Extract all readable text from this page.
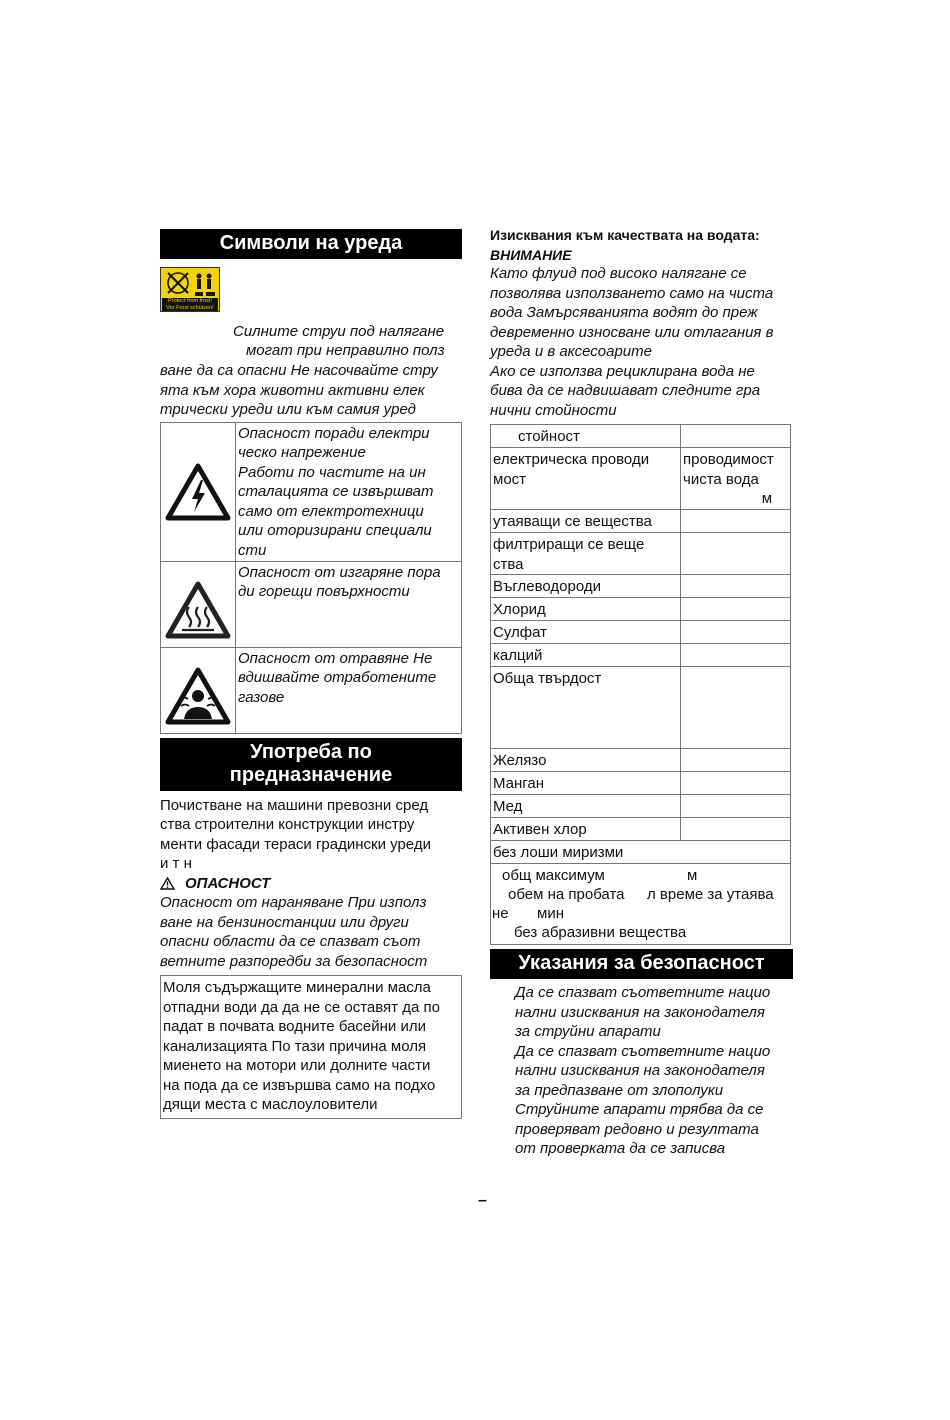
Символи на уреда
Protect from frost!
Vor Frost schützen!
Силните струи под налягане
могат при неправилно полз
ване да са опасни Не насочвайте стру
ята към хора животни активни елек
трически уреди или към самия уред
Опасност поради електри
ческо напрежение
Работи по частите на ин
сталацията се извършват
само от електротехници
или оторизирани специали
сти
Опасност от изгаряне пора
ди горещи повърхности
Опасност от отравяне Не
вдишвайте отработените
газове
Употреба по
предназначение
Почистване на машини превозни сред
ства строителни конструкции инстру
менти фасади тераси градински уреди
и т н
ОПАСНОСТ
Опасност от нараняване При използ
ване на бензиностанции или други
опасни области да се спазват съот
ветните разпоредби за безопасност
Моля съдържащите минерални масла
отпадни води да да не се оставят да по
падат в почвата водните басейни или
канализацията По тази причина моля
миенето на мотори или долните части
на пода да се извършва само на подхо
дящи места с маслоуловители
Изисквания към качествата на водата:
ВНИМАНИЕ
Като флуид под високо налягане се
позволява използването само на чиста
вода Замърсяванията водят до преж
девременно износване или отлагания в
уреда и в аксесоарите
Ако се използва рециклирана вода не
бива да се надвишават следните гра
нични стойности
стойност
електрическа проводи
мост
проводимост
чиста вода
м
утаяващи се вещества
филтриращи се веще
ства
Въглеводороди
Хлорид
Сулфат
калций
Обща твърдост
Желязо
Манган
Мед
Активен хлор
без лоши миризми
общ максимум	м
обем на пробата л време за утаява
не мин
без абразивни вещества
Указания за безопасност
Да се спазват съответните нацио
нални изисквания на законодателя
за струйни апарати
Да се спазват съответните нацио
нални изисквания на законодателя
за предпазване от злополуки
Струйните апарати трябва да се
проверяват редовно и резултата
от проверката да се записва
–
